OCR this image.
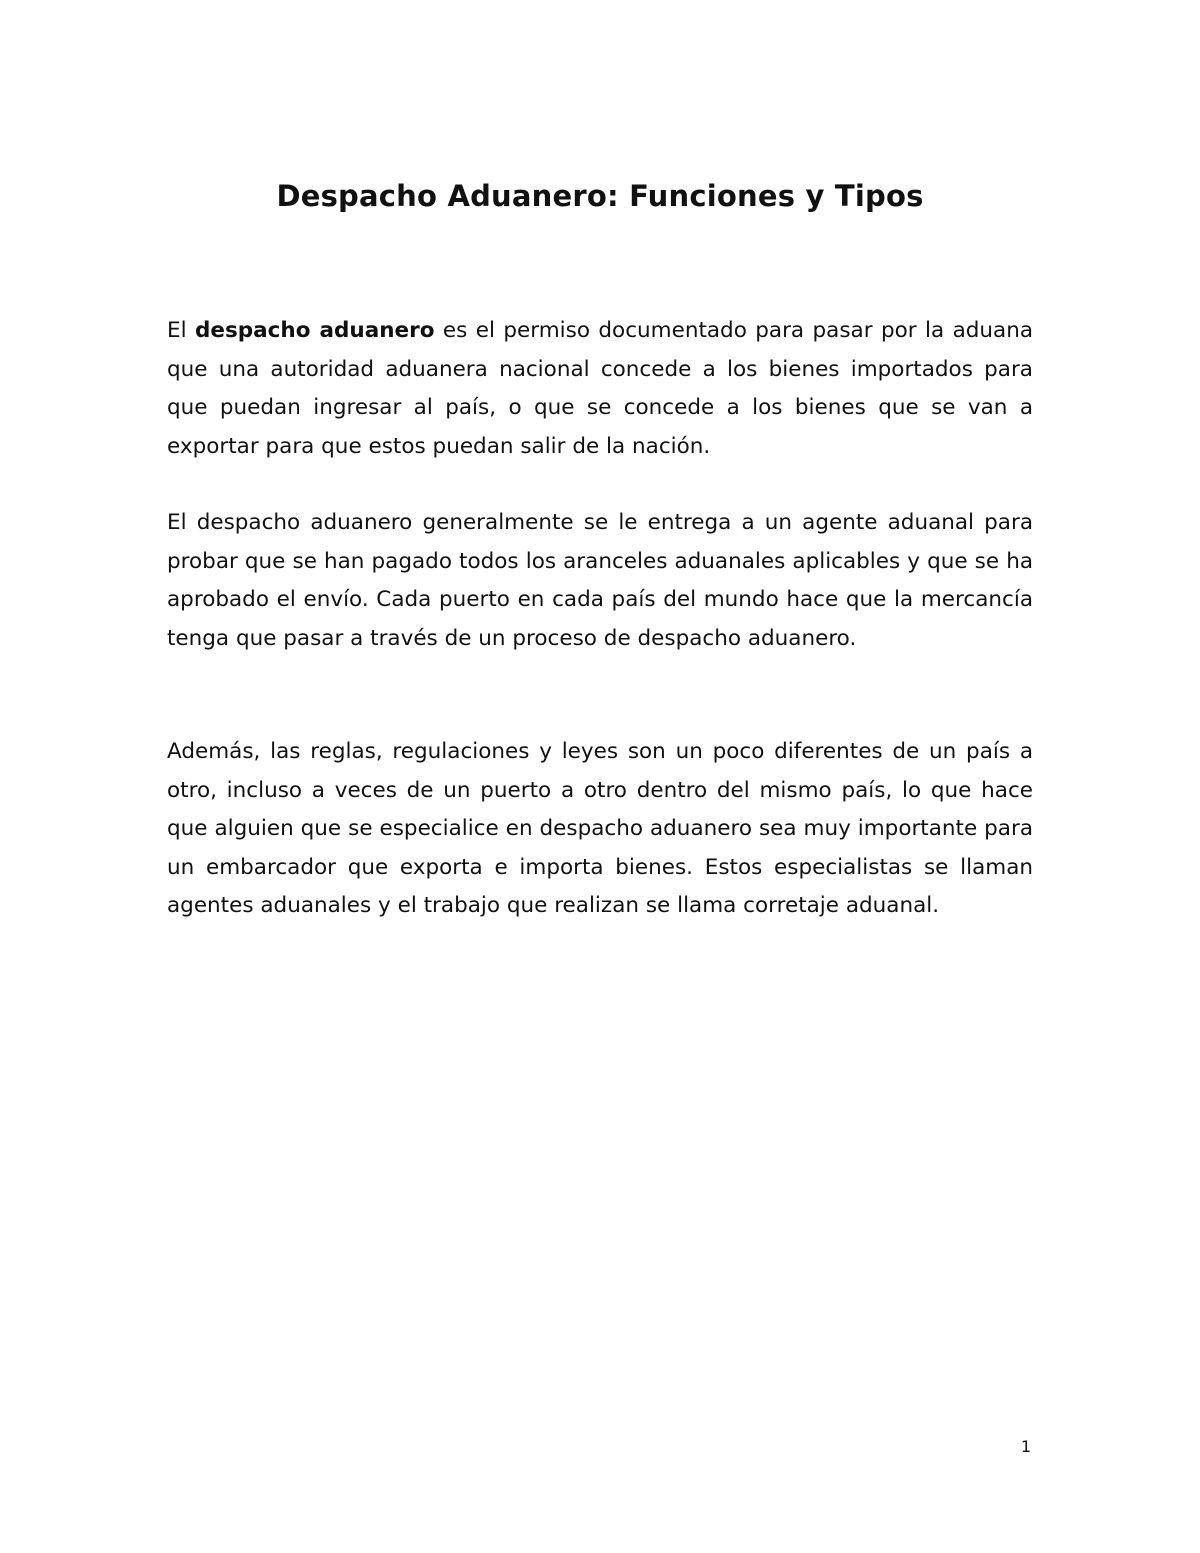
Despacho Aduanero: Funciones y Tipos

El despacho aduanero es el permiso documentado para pasar por la aduana que una autoridad aduanera nacional concede a los bienes importados para que puedan ingresar al país, o que se concede a los bienes que se van a exportar para que estos puedan salir de la nación.

El despacho aduanero generalmente se le entrega a un agente aduanal para probar que se han pagado todos los aranceles aduanales aplicables y que se ha aprobado el envío. Cada puerto en cada país del mundo hace que la mercancía tenga que pasar a través de un proceso de despacho aduanero.

Además, las reglas, regulaciones y leyes son un poco diferentes de un país a otro, incluso a veces de un puerto a otro dentro del mismo país, lo que hace que alguien que se especialice en despacho aduanero sea muy importante para un embarcador que exporta e importa bienes. Estos especialistas se llaman agentes aduanales y el trabajo que realizan se llama corretaje aduanal.

1
